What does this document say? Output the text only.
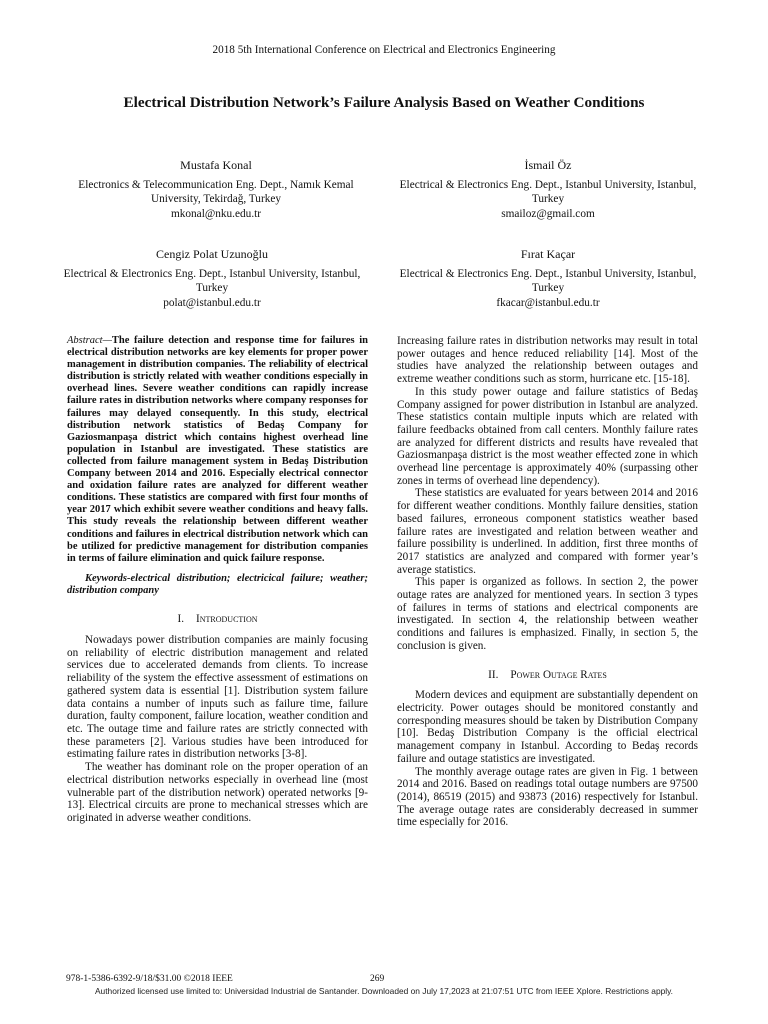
2018 5th International Conference on Electrical and Electronics Engineering
Electrical Distribution Network’s Failure Analysis Based on Weather Conditions
Mustafa Konal
Electronics & Telecommunication Eng. Dept., Namık Kemal University, Tekirdağ, Turkey
mkonal@nku.edu.tr
İsmail Öz
Electrical & Electronics Eng. Dept., Istanbul University, Istanbul, Turkey
smailoz@gmail.com
Cengiz Polat Uzunoğlu
Electrical & Electronics Eng. Dept., Istanbul University, Istanbul, Turkey
polat@istanbul.edu.tr
Fırat Kaçar
Electrical & Electronics Eng. Dept., Istanbul University, Istanbul, Turkey
fkacar@istanbul.edu.tr

Abstract—The failure detection and response time for failures in electrical distribution networks are key elements for proper power management in distribution companies. The reliability of electrical distribution is strictly related with weather conditions especially in overhead lines. Severe weather conditions can rapidly increase failure rates in distribution networks where company responses for failures may delayed consequently. In this study, electrical distribution network statistics of Bedaş Company for Gaziosmanpaşa district which contains highest overhead line population in Istanbul are investigated. These statistics are collected from failure management system in Bedaş Distribution Company between 2014 and 2016. Especially electrical connector and oxidation failure rates are analyzed for different weather conditions. These statistics are compared with first four months of year 2017 which exhibit severe weather conditions and heavy falls. This study reveals the relationship between different weather conditions and failures in electrical distribution network which can be utilized for predictive management for distribution companies in terms of failure elimination and quick failure response.

Keywords-electrical distribution; electricical failure; weather; distribution company

I. Introduction

Nowadays power distribution companies are mainly focusing on reliability of electric distribution management and related services due to accelerated demands from clients. To increase reliability of the system the effective assessment of estimations on gathered system data is essential [1]. Distribution system failure data contains a number of inputs such as failure time, failure duration, faulty component, failure location, weather condition and etc. The outage time and failure rates are strictly connected with these parameters [2]. Various studies have been introduced for estimating failure rates in distribution networks [3-8].

The weather has dominant role on the proper operation of an electrical distribution networks especially in overhead line (most vulnerable part of the distribution network) operated networks [9-13]. Electrical circuits are prone to mechanical stresses which are originated in adverse weather conditions.

Increasing failure rates in distribution networks may result in total power outages and hence reduced reliability [14]. Most of the studies have analyzed the relationship between outages and extreme weather conditions such as storm, hurricane etc. [15-18].

In this study power outage and failure statistics of Bedaş Company assigned for power distribution in Istanbul are analyzed. These statistics contain multiple inputs which are related with failure feedbacks obtained from call centers. Monthly failure rates are analyzed for different districts and results have revealed that Gaziosmanpaşa district is the most weather effected zone in which overhead line percentage is approximately 40% (surpassing other zones in terms of overhead line dependency).

These statistics are evaluated for years between 2014 and 2016 for different weather conditions. Monthly failure densities, station based failures, erroneous component statistics weather based failure rates are investigated and relation between weather and failure possibility is underlined. In addition, first three months of 2017 statistics are analyzed and compared with former year’s average statistics.

This paper is organized as follows. In section 2, the power outage rates are analyzed for mentioned years. In section 3 types of failures in terms of stations and electrical components are investigated. In section 4, the relationship between weather conditions and failures is emphasized. Finally, in section 5, the conclusion is given.

II. Power Outage Rates

Modern devices and equipment are substantially dependent on electricity. Power outages should be monitored constantly and corresponding measures should be taken by Distribution Company [10]. Bedaş Distribution Company is the official electrical management company in Istanbul. According to Bedaş records failure and outage statistics are investigated.

The monthly average outage rates are given in Fig. 1 between 2014 and 2016. Based on readings total outage numbers are 97500 (2014), 86519 (2015) and 93873 (2016) respectively for Istanbul. The average outage rates are considerably decreased in summer time especially for 2016.

978-1-5386-6392-9/18/$31.00 ©2018 IEEE	269
Authorized licensed use limited to: Universidad Industrial de Santander. Downloaded on July 17,2023 at 21:07:51 UTC from IEEE Xplore. Restrictions apply.
